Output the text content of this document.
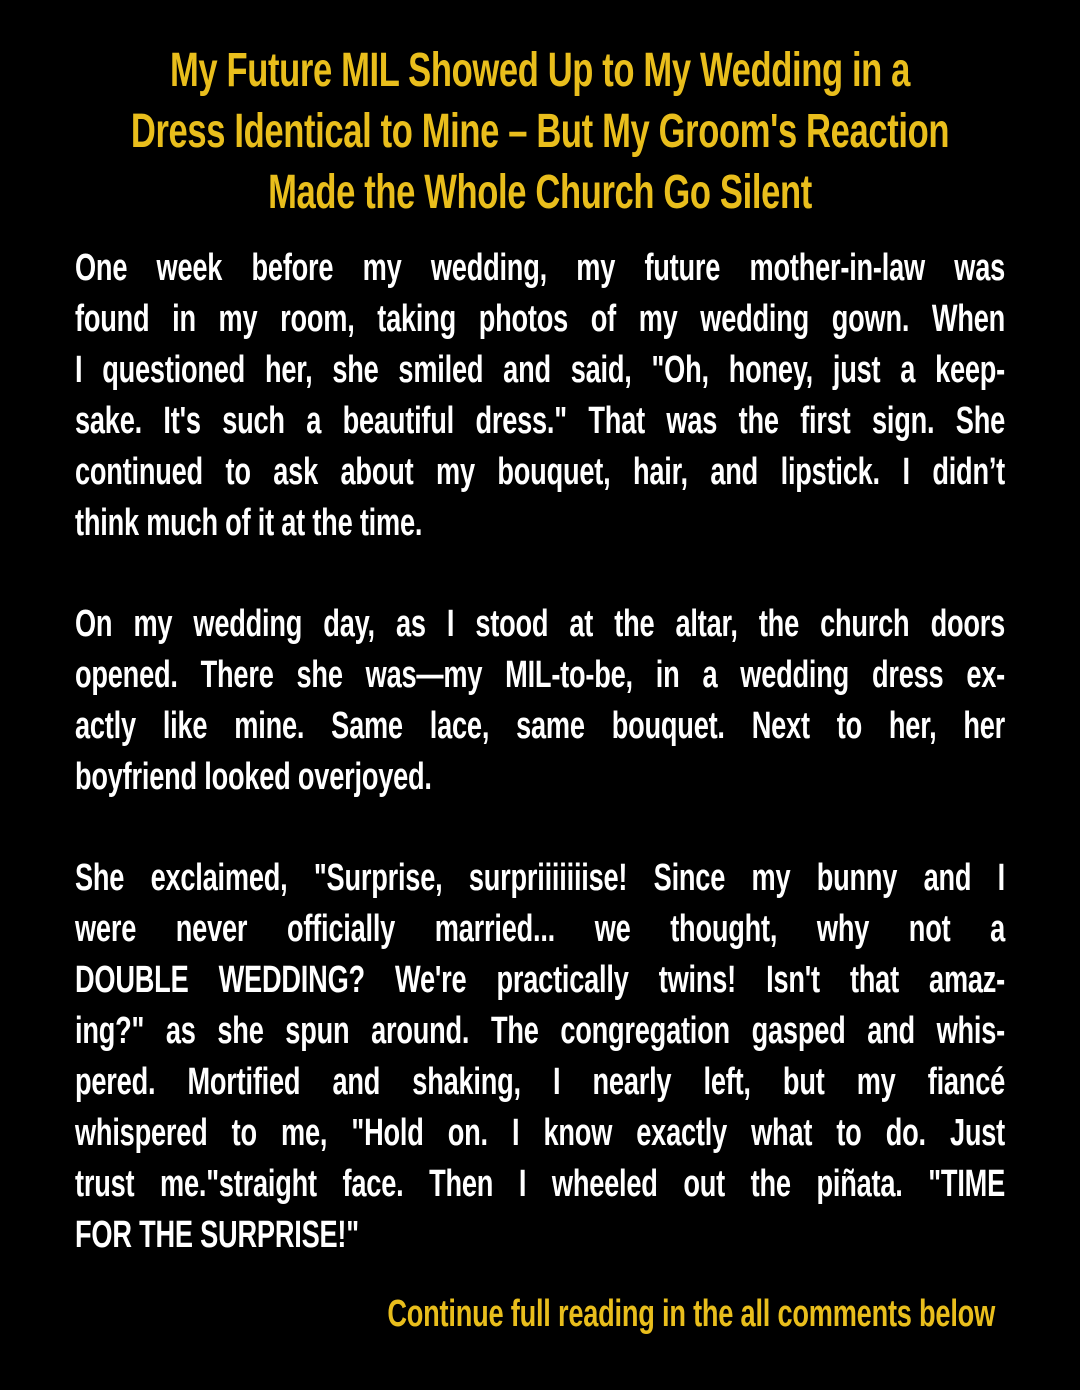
My Future MIL Showed Up to My Wedding in a
Dress Identical to Mine – But My Groom's Reaction
Made the Whole Church Go Silent
One week before my wedding, my future mother-in-law was
found in my room, taking photos of my wedding gown. When
I questioned her, she smiled and said, "Oh, honey, just a keep-
sake. It's such a beautiful dress." That was the first sign. She
continued to ask about my bouquet, hair, and lipstick. I didn’t
think much of it at the time.
On my wedding day, as I stood at the altar, the church doors
opened. There she was—my MIL-to-be, in a wedding dress ex-
actly like mine. Same lace, same bouquet. Next to her, her
boyfriend looked overjoyed.
She exclaimed, "Surprise, surpriiiiiiise! Since my bunny and I
were never officially married... we thought, why not a
DOUBLE WEDDING? We're practically twins! Isn't that amaz-
ing?" as she spun around. The congregation gasped and whis-
pered. Mortified and shaking, I nearly left, but my fiancé
whispered to me, "Hold on. I know exactly what to do. Just
trust me."straight face. Then I wheeled out the piñata. "TIME
FOR THE SURPRISE!"
Continue full reading in the all comments below
